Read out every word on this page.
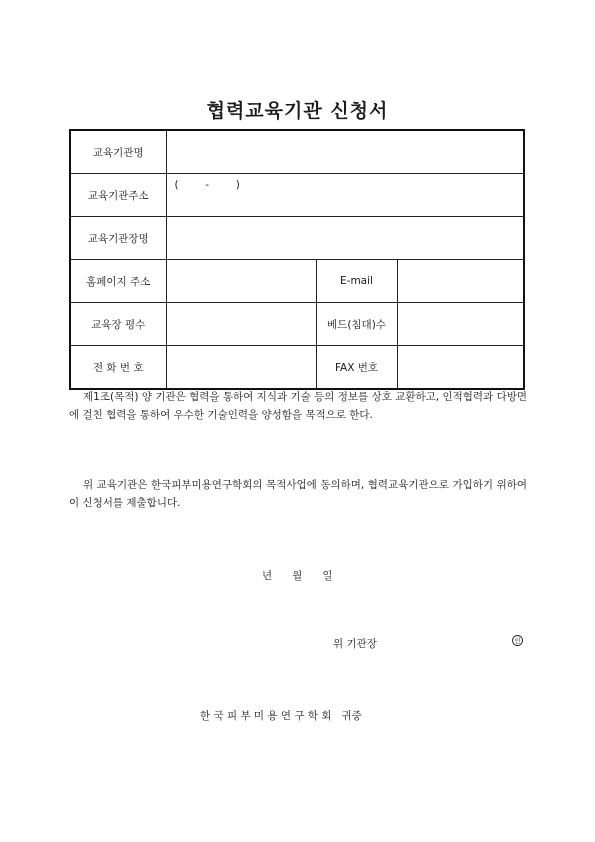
협력교육기관 신청서
교육기관명			
교육기관주소	(        -        )		

교육기관장명			
홈페이지 주소		E-mail	
교육장 평수		베드(침대)수	
전 화 번 호		FAX 번호	

제1조(목적) 양 기관은 협력을 통하여 지식과 기술 등의 정보를 상호 교환하고, 인적협력과 다방면에 걸친 협력을 통하여 우수한 기술인력을 양성함을 목적으로 한다.

위 교육기관은 한국피부미용연구학회의 목적사업에 동의하며, 협력교육기관으로 가입하기 위하여 이 신청서를 제출합니다.

년      월      일
위 기관장	인
한 국 피 부 미 용 연 구 학 회   귀중
